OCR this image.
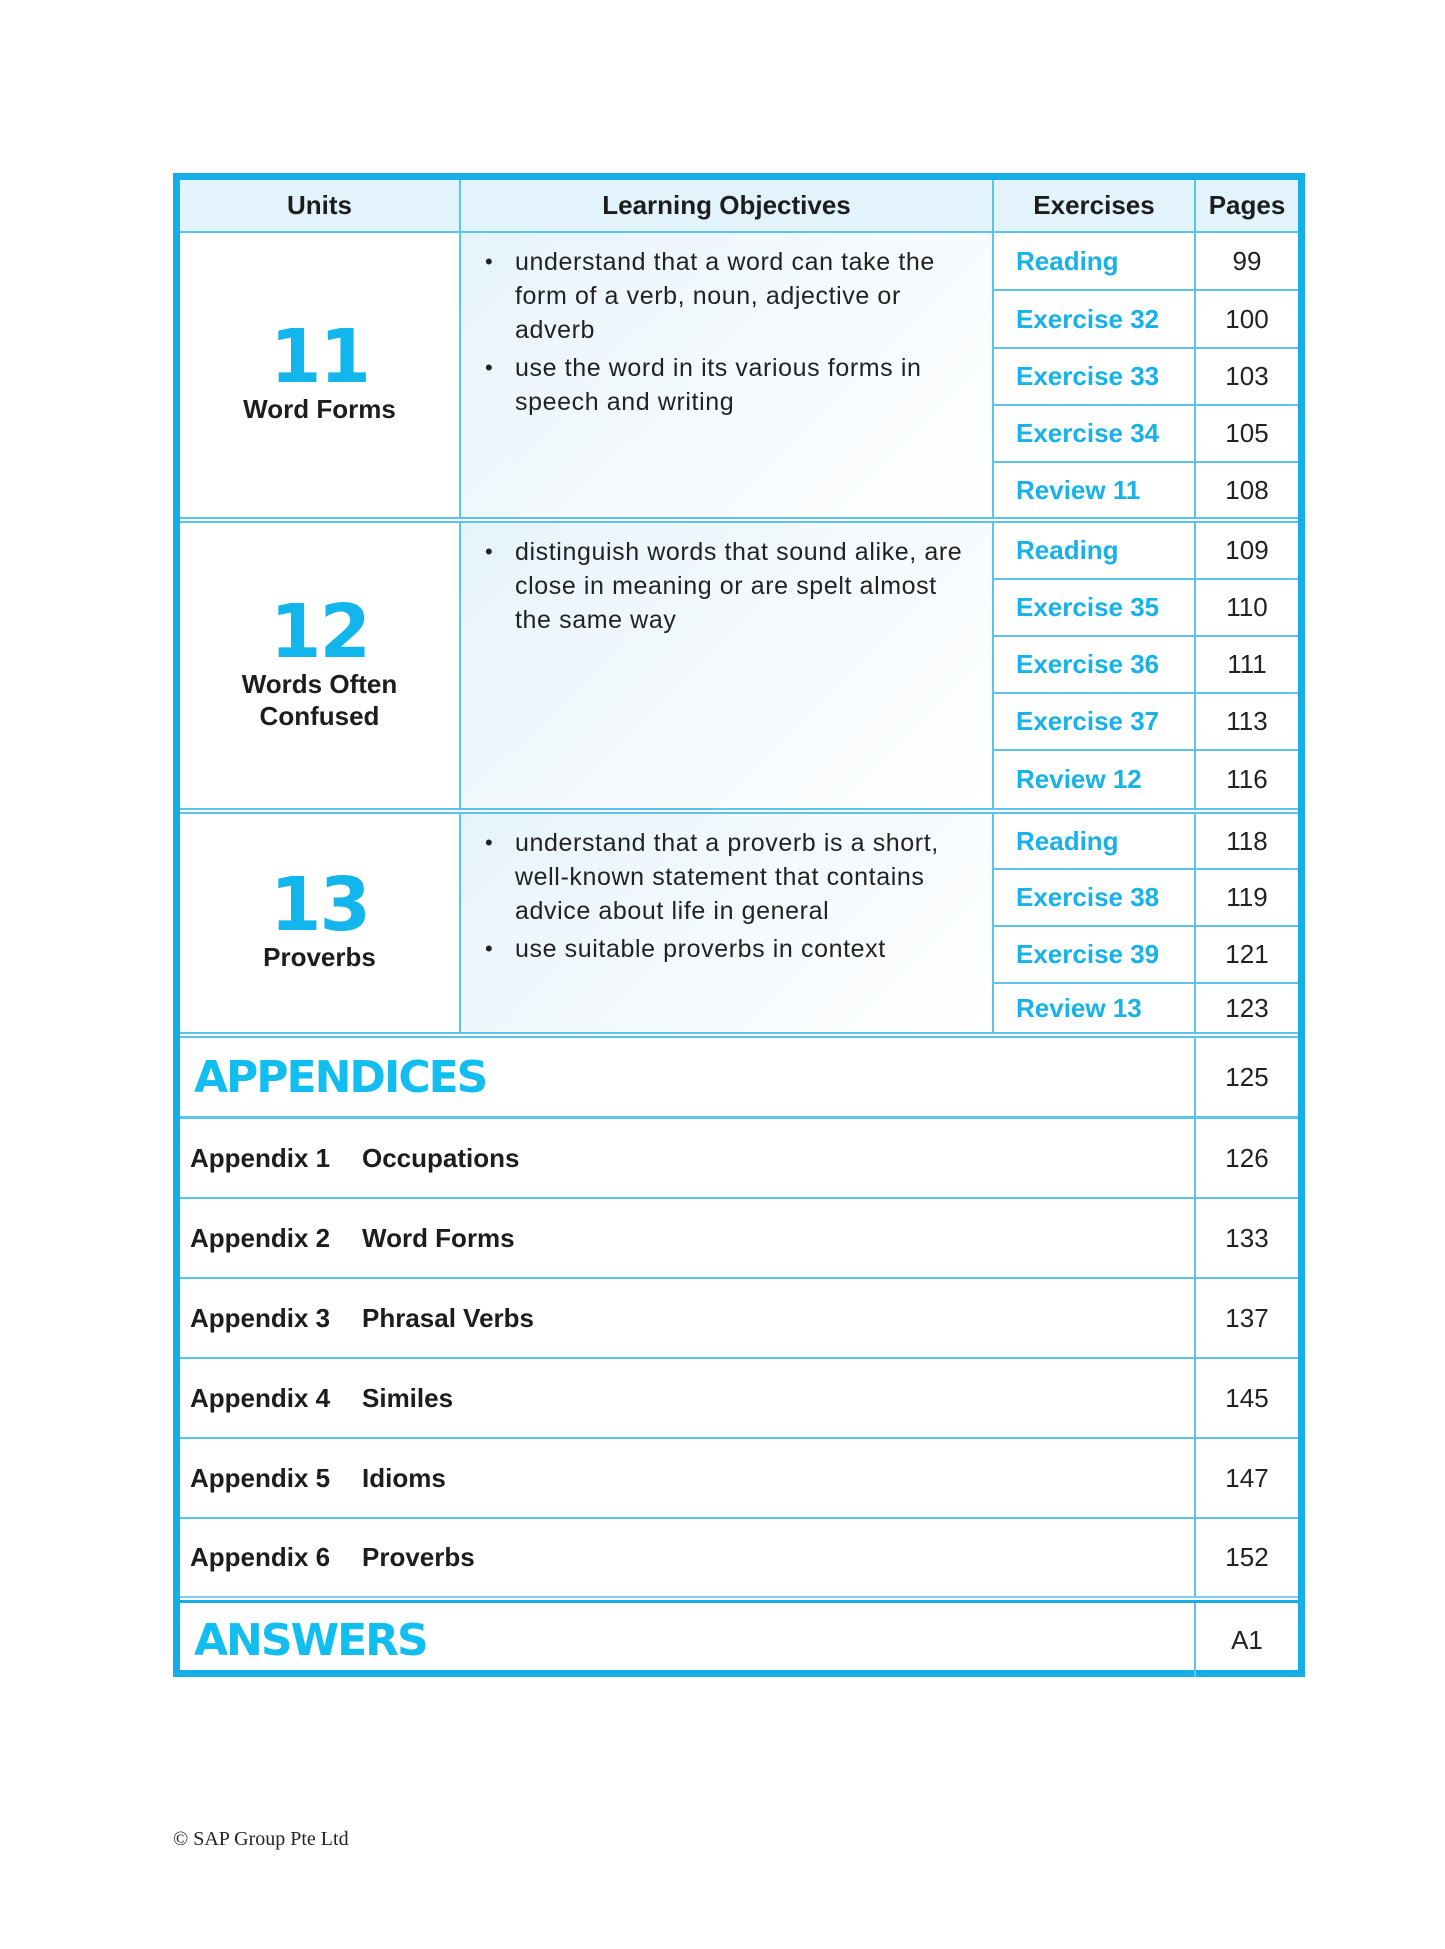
Units	Learning Objectives	Exercises	Pages
11
Word Forms
• understand that a word can take the form of a verb, noun, adjective or adverb
• use the word in its various forms in speech and writing
Reading	99
Exercise 32	100
Exercise 33	103
Exercise 34	105
Review 11	108
12
Words Often Confused
• distinguish words that sound alike, are close in meaning or are spelt almost the same way
Reading	109
Exercise 35	110
Exercise 36	111
Exercise 37	113
Review 12	116
13
Proverbs
• understand that a proverb is a short, well-known statement that contains advice about life in general
• use suitable proverbs in context
Reading	118
Exercise 38	119
Exercise 39	121
Review 13	123
APPENDICES	125
Appendix 1	Occupations	126
Appendix 2	Word Forms	133
Appendix 3	Phrasal Verbs	137
Appendix 4	Similes	145
Appendix 5	Idioms	147
Appendix 6	Proverbs	152
ANSWERS	A1
© SAP Group Pte Ltd
